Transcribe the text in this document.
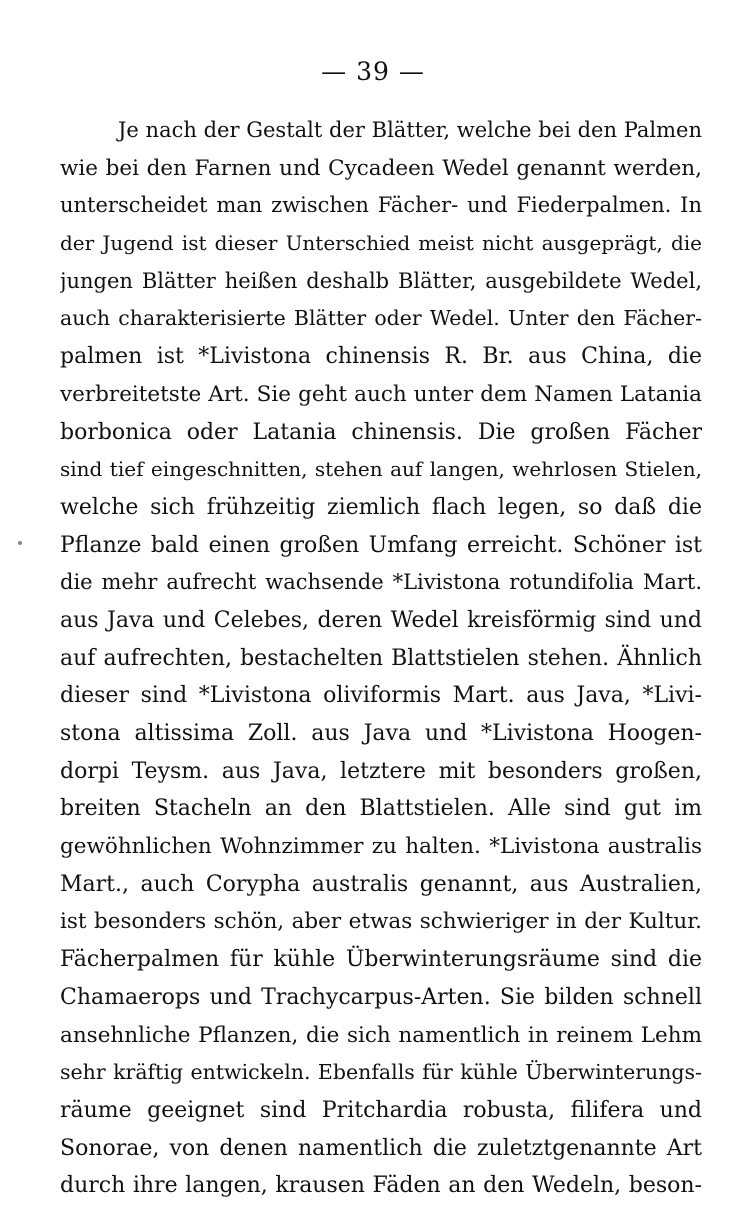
— 39 —
Je nach der Gestalt der Blätter, welche bei den Palmen
wie bei den Farnen und Cycadeen Wedel genannt werden,
unterscheidet man zwischen Fächer- und Fiederpalmen. In
der Jugend ist dieser Unterschied meist nicht ausgeprägt, die
jungen Blätter heißen deshalb Blätter, ausgebildete Wedel,
auch charakterisierte Blätter oder Wedel. Unter den Fächer-
palmen ist *Livistona chinensis R. Br. aus China, die
verbreitetste Art. Sie geht auch unter dem Namen Latania
borbonica oder Latania chinensis. Die großen Fächer
sind tief eingeschnitten, stehen auf langen, wehrlosen Stielen,
welche sich frühzeitig ziemlich flach legen, so daß die
Pflanze bald einen großen Umfang erreicht. Schöner ist
die mehr aufrecht wachsende *Livistona rotundifolia Mart.
aus Java und Celebes, deren Wedel kreisförmig sind und
auf aufrechten, bestachelten Blattstielen stehen. Ähnlich
dieser sind *Livistona oliviformis Mart. aus Java, *Livi-
stona altissima Zoll. aus Java und *Livistona Hoogen-
dorpi Teysm. aus Java, letztere mit besonders großen,
breiten Stacheln an den Blattstielen. Alle sind gut im
gewöhnlichen Wohnzimmer zu halten. *Livistona australis
Mart., auch Corypha australis genannt, aus Australien,
ist besonders schön, aber etwas schwieriger in der Kultur.
Fächerpalmen für kühle Überwinterungsräume sind die
Chamaerops und Trachycarpus-Arten. Sie bilden schnell
ansehnliche Pflanzen, die sich namentlich in reinem Lehm
sehr kräftig entwickeln. Ebenfalls für kühle Überwinterungs-
räume geeignet sind Pritchardia robusta, filifera und
Sonorae, von denen namentlich die zuletztgenannte Art
durch ihre langen, krausen Fäden an den Wedeln, beson-
